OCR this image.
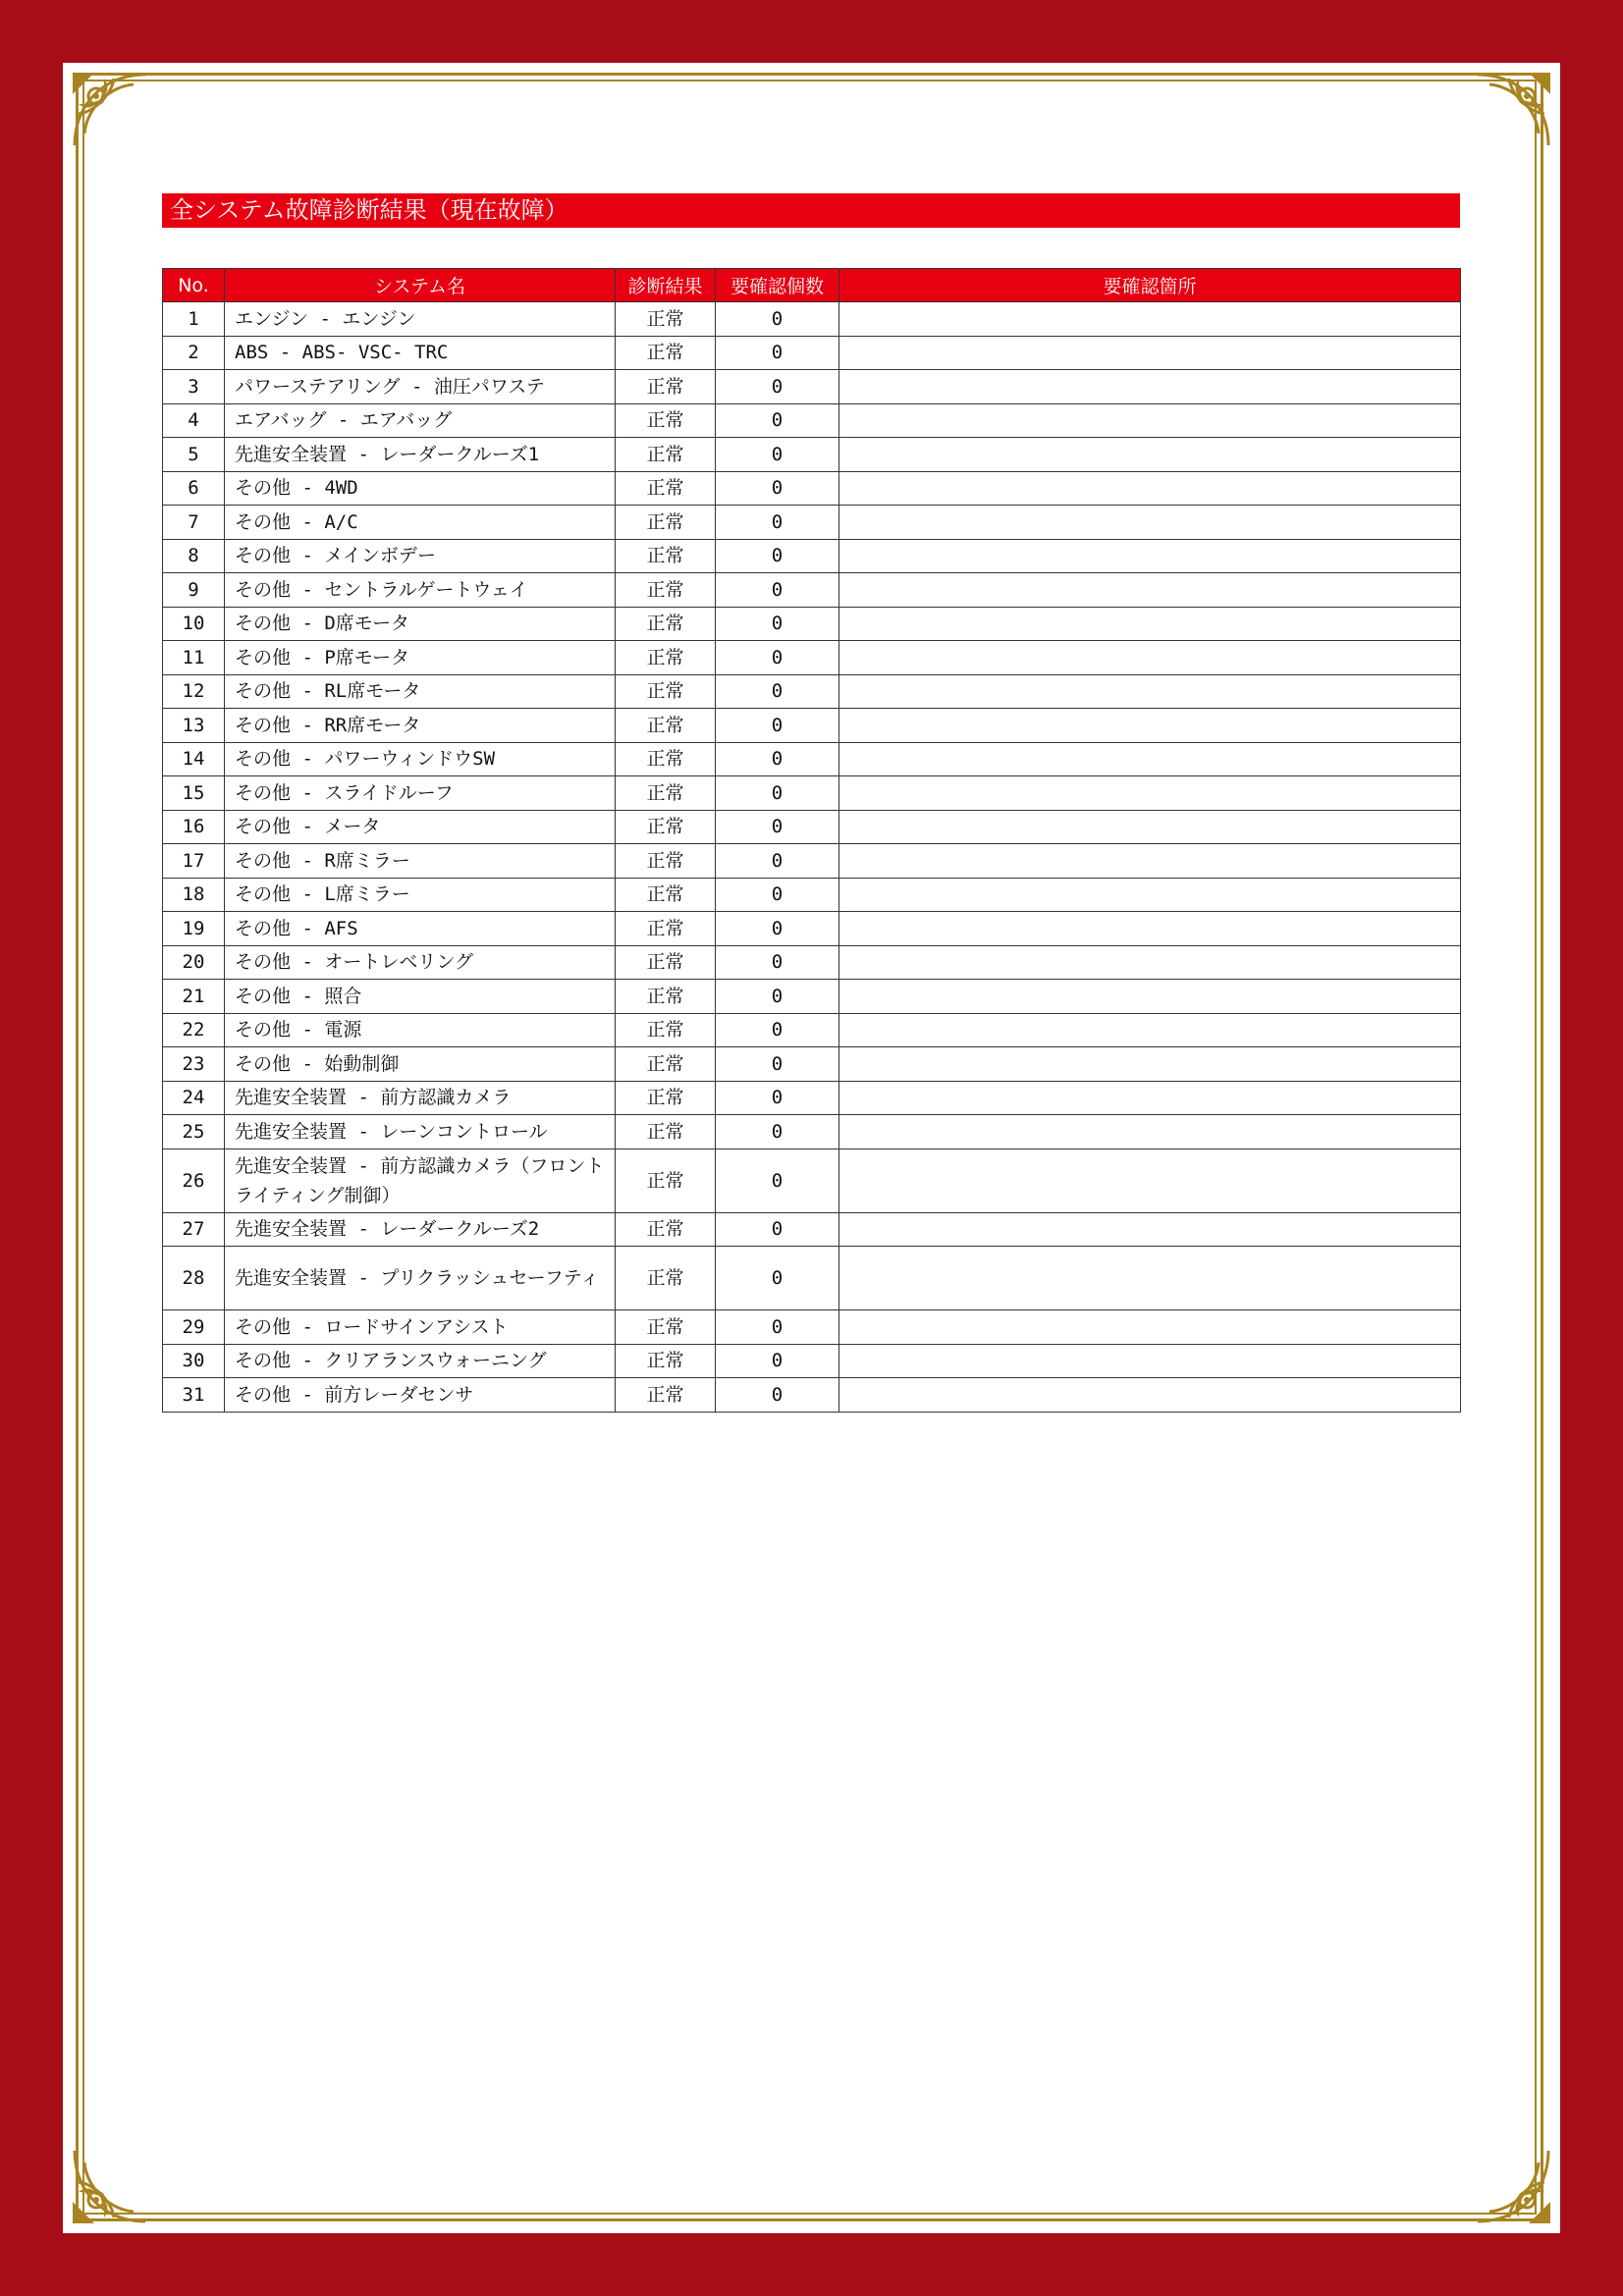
全システム故障診断結果（現在故障）
No.	システム名	診断結果	要確認個数	要確認箇所
1	エンジン - エンジン	正常	0	
2	ABS - ABS- VSC- TRC	正常	0	
3	パワーステアリング - 油圧パワステ	正常	0	
4	エアバッグ - エアバッグ	正常	0	
5	先進安全装置 - レーダークルーズ1	正常	0	
6	その他 - 4WD	正常	0	
7	その他 - A/C	正常	0	
8	その他 - メインボデー	正常	0	
9	その他 - セントラルゲートウェイ	正常	0	
10	その他 - D席モータ	正常	0	
11	その他 - P席モータ	正常	0	
12	その他 - RL席モータ	正常	0	
13	その他 - RR席モータ	正常	0	
14	その他 - パワーウィンドウSW	正常	0	
15	その他 - スライドルーフ	正常	0	
16	その他 - メータ	正常	0	
17	その他 - R席ミラー	正常	0	
18	その他 - L席ミラー	正常	0	
19	その他 - AFS	正常	0	
20	その他 - オートレベリング	正常	0	
21	その他 - 照合	正常	0	
22	その他 - 電源	正常	0	
23	その他 - 始動制御	正常	0	
24	先進安全装置 - 前方認識カメラ	正常	0	
25	先進安全装置 - レーンコントロール	正常	0	
26	先進安全装置 - 前方認識カメラ（フロントライティング制御）	正常	0	
27	先進安全装置 - レーダークルーズ2	正常	0	
28	先進安全装置 - プリクラッシュセーフティ	正常	0	
29	その他 - ロードサインアシスト	正常	0	
30	その他 - クリアランスウォーニング	正常	0	
31	その他 - 前方レーダセンサ	正常	0	
